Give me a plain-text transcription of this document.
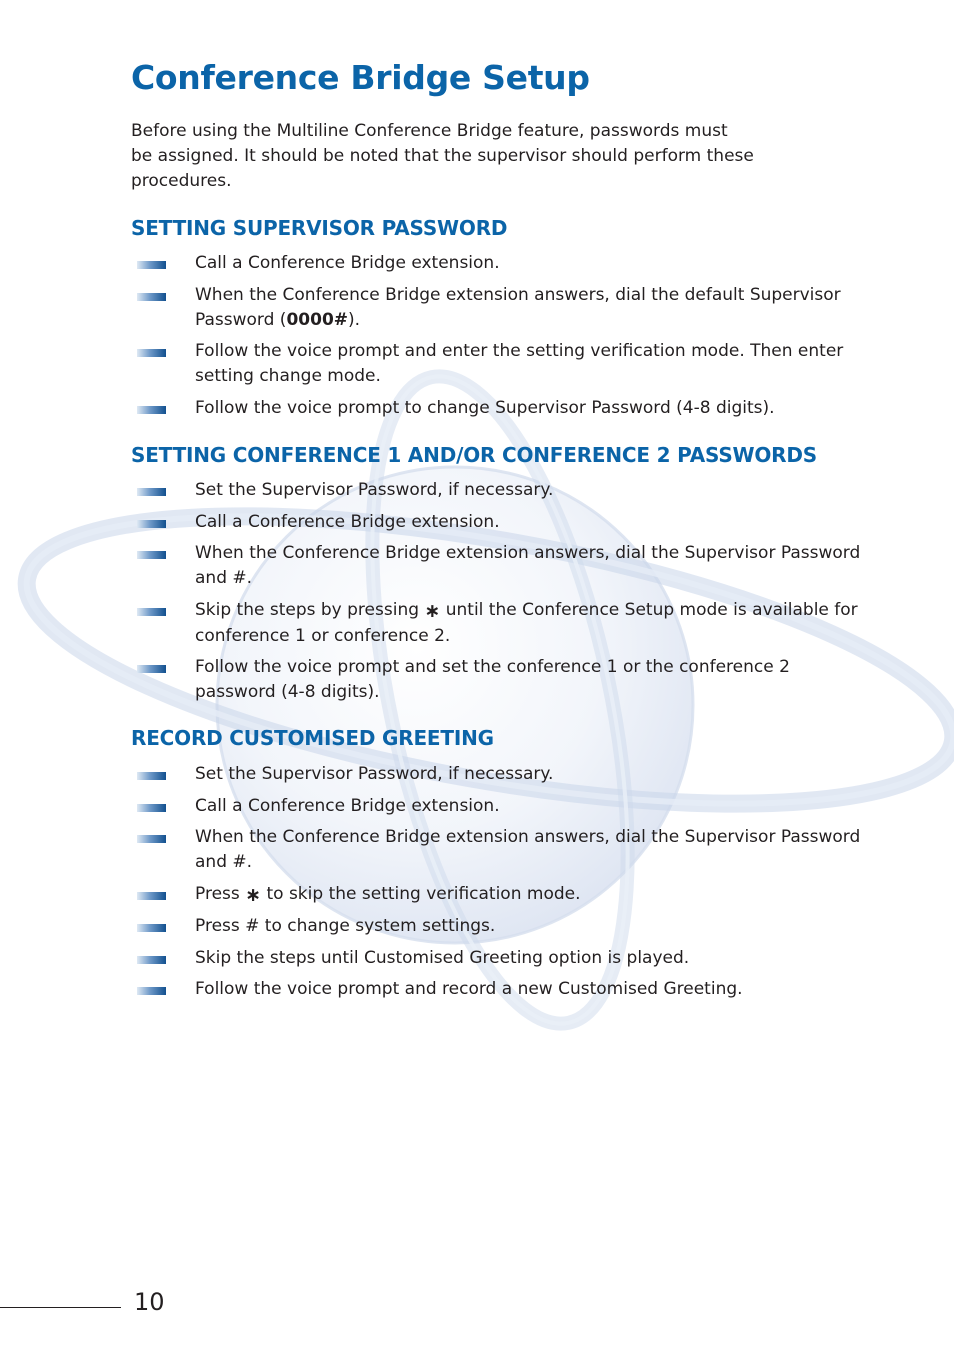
Conference Bridge Setup

Before using the Multiline Conference Bridge feature, passwords must
be assigned. It should be noted that the supervisor should perform these
procedures.

SETTING SUPERVISOR PASSWORD
Call a Conference Bridge extension.
When the Conference Bridge extension answers, dial the default Supervisor Password (0000#).
Follow the voice prompt and enter the setting verification mode. Then enter setting change mode.
Follow the voice prompt to change Supervisor Password (4-8 digits).
SETTING CONFERENCE 1 AND/OR CONFERENCE 2 PASSWORDS
Set the Supervisor Password, if necessary.
Call a Conference Bridge extension.
When the Conference Bridge extension answers, dial the Supervisor Password and #.
Skip the steps by pressing ∗ until the Conference Setup mode is available for conference 1 or conference 2.
Follow the voice prompt and set the conference 1 or the conference 2 password (4-8 digits).
RECORD CUSTOMISED GREETING
Set the Supervisor Password, if necessary.
Call a Conference Bridge extension.
When the Conference Bridge extension answers, dial the Supervisor Password and #.
Press ∗ to skip the setting verification mode.
Press # to change system settings.
Skip the steps until Customised Greeting option is played.
Follow the voice prompt and record a new Customised Greeting.
10
